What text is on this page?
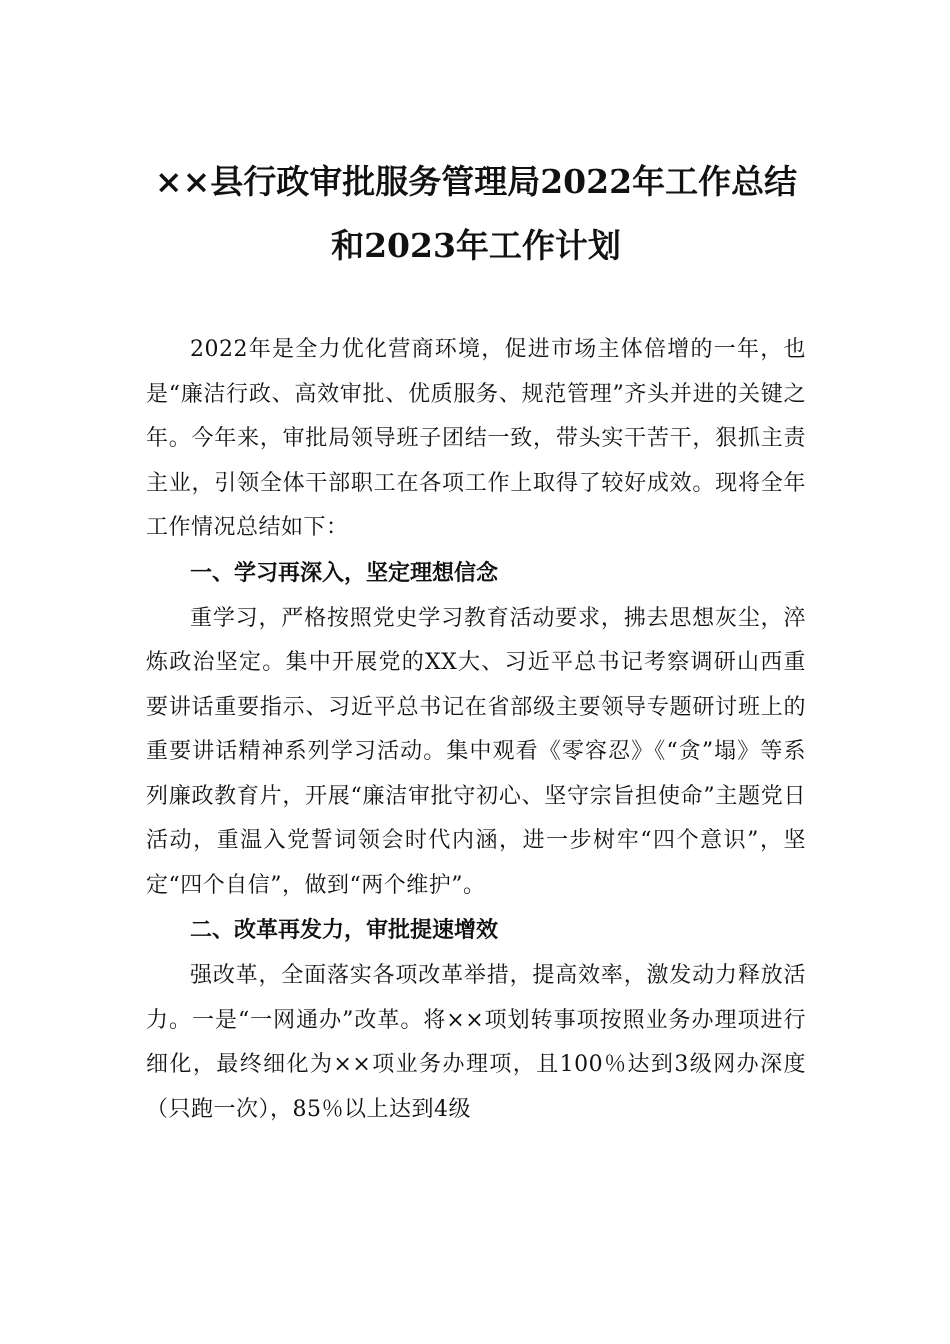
××县行政审批服务管理局2022年工作总结
和2023年工作计划

2022年是全力优化营商环境，促进市场主体倍增的一年，也是“廉洁行政、高效审批、优质服务、规范管理”齐头并进的关键之年。今年来，审批局领导班子团结一致，带头实干苦干，狠抓主责主业，引领全体干部职工在各项工作上取得了较好成效。现将全年工作情况总结如下：

一、学习再深入，坚定理想信念

重学习，严格按照党史学习教育活动要求，拂去思想灰尘，淬炼政治坚定。集中开展党的XX大、习近平总书记考察调研山西重要讲话重要指示、习近平总书记在省部级主要领导专题研讨班上的重要讲话精神系列学习活动。集中观看《零容忍》《“贪”塌》等系列廉政教育片，开展“廉洁审批守初心、坚守宗旨担使命”主题党日活动，重温入党誓词领会时代内涵，进一步树牢“四个意识”，坚定“四个自信”，做到“两个维护”。

二、改革再发力，审批提速增效

强改革，全面落实各项改革举措，提高效率，激发动力释放活力。一是“一网通办”改革。将××项划转事项按照业务办理项进行细化，最终细化为××项业务办理项，且100％达到3级网办深度（只跑一次），85％以上达到4级
